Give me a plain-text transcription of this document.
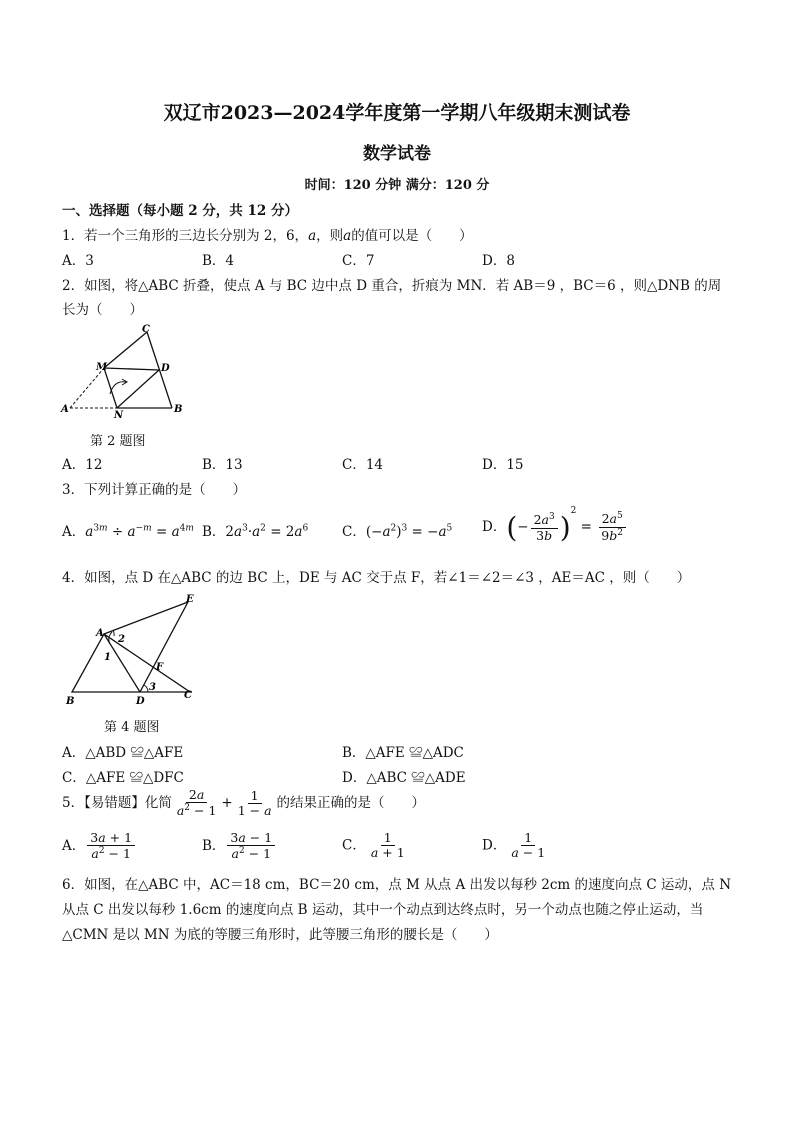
双辽市2023—2024学年度第一学期八年级期末测试卷
数学试卷
时间：120 分钟 满分：120 分
一、选择题（每小题 2 分，共 12 分）
1．若一个三角形的三边长分别为 2，6，a，则a的值可以是（　　）
A．3	B．4	C．7	D．8
2．如图，将△ABC 折叠，使点 A 与 BC 边中点 D 重合，折痕为 MN．若 AB＝9 ，BC＝6 ，则△DNB 的周
长为（　　）
A	B
C
D
M
N
第 2 题图
A．12	B．13	C．14	D．15
3．下列计算正确的是（　　）
A．$a^{3m} \div a^{-m} = a^{4m}$ B．$2a^3\cdot a^2 = 2a^6$	C．$(-a^2)^3 = -a^5$ D．(− $\frac{2a^3}{3b} )^2 = \frac{2a^5}{9b^2}$
4．如图，点 D 在△ABC 的边 BC 上，DE 与 AC 交于点 F，若∠1＝∠2＝∠3 ，AE＝AC ，则（　　）
A
B
C
D
E
F
1
2
3
第 4 题图
A．△ABD ≌△AFE	B．△AFE ≌△ADC
C．△AFE ≌△DFC	D．△ABC ≌△ADE
5．【易错题】化简 $\frac{2a}{a^2 - 1} + \frac{1}{1 - a}$ 的结果正确的是（　　）
A． $\frac{3a + 1}{a^2 - 1}$	B． $\frac{3a - 1}{a^2 - 1}$	C． $\frac{1}{a + 1}$	D． $\frac{1}{a - 1}$
6．如图，在△ABC 中，AC＝18 cm，BC＝20 cm，点 M 从点 A 出发以每秒 2cm 的速度向点 C 运动，点 N
从点 C 出发以每秒 1.6cm 的速度向点 B 运动，其中一个动点到达终点时，另一个动点也随之停止运动，当
△CMN 是以 MN 为底的等腰三角形时，此等腰三角形的腰长是（　　）
